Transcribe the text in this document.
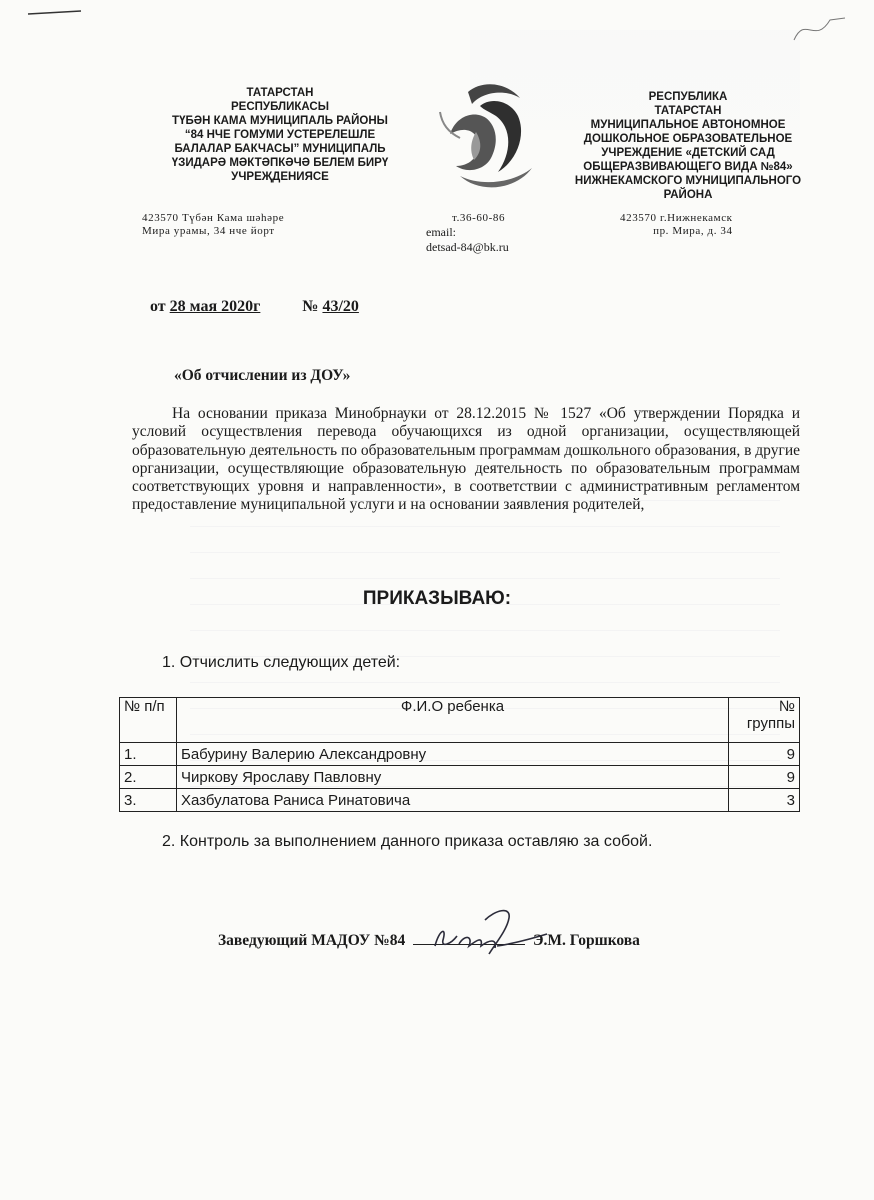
ТАТАРСТАН
РЕСПУБЛИКАСЫ
ТҮБӘН КАМА МУНИЦИПАЛЬ РАЙОНЫ
“84 НЧЕ ГОМУМИ УСТЕРЕЛЕШЛЕ
БАЛАЛАР БАКЧАСЫ” МУНИЦИПАЛЬ
ҮЗИДАРӘ МӘКТӘПКӘЧӘ БЕЛЕМ БИРҮ
УЧРЕҖДЕНИЯСЕ
РЕСПУБЛИКА
ТАТАРСТАН
МУНИЦИПАЛЬНОЕ АВТОНОМНОЕ
ДОШКОЛЬНОЕ ОБРАЗОВАТЕЛЬНОЕ
УЧРЕЖДЕНИЕ «ДЕТСКИЙ САД
ОБЩЕРАЗВИВАЮЩЕГО ВИДА №84»
НИЖНЕКАМСКОГО МУНИЦИПАЛЬНОГО
РАЙОНА
423570 Түбән Кама шәһәре
Мира урамы, 34 нче йорт
т.36-60-86
email:
detsad-84@bk.ru
423570 г.Нижнекамск
пр. Мира, д. 34
от 28 мая 2020г	№ 43/20
«Об отчислении из ДОУ»
На основании приказа Минобрнауки от 28.12.2015 № 1527 «Об утверждении Порядка и условий осуществления перевода обучающихся из одной организации, осуществляющей образовательную деятельность по образовательным программам дошкольного образования, в другие организации, осуществляющие образовательную деятельность по образовательным программам соответствующих уровня и направленности», в соответствии с административным регламентом предоставление муниципальной услуги и на основании заявления родителей,
ПРИКАЗЫВАЮ:
1. Отчислить следующих детей:
№ п/п	Ф.И.О ребенка	№ группы
1.	Бабурину Валерию Александровну	9
2.	Чиркову Ярославу Павловну	9
3.	Хазбулатова Раниса Ринатовича	3
2. Контроль за выполнением данного приказа оставляю за собой.
Заведующий МАДОУ №84	Э.М. Горшкова
